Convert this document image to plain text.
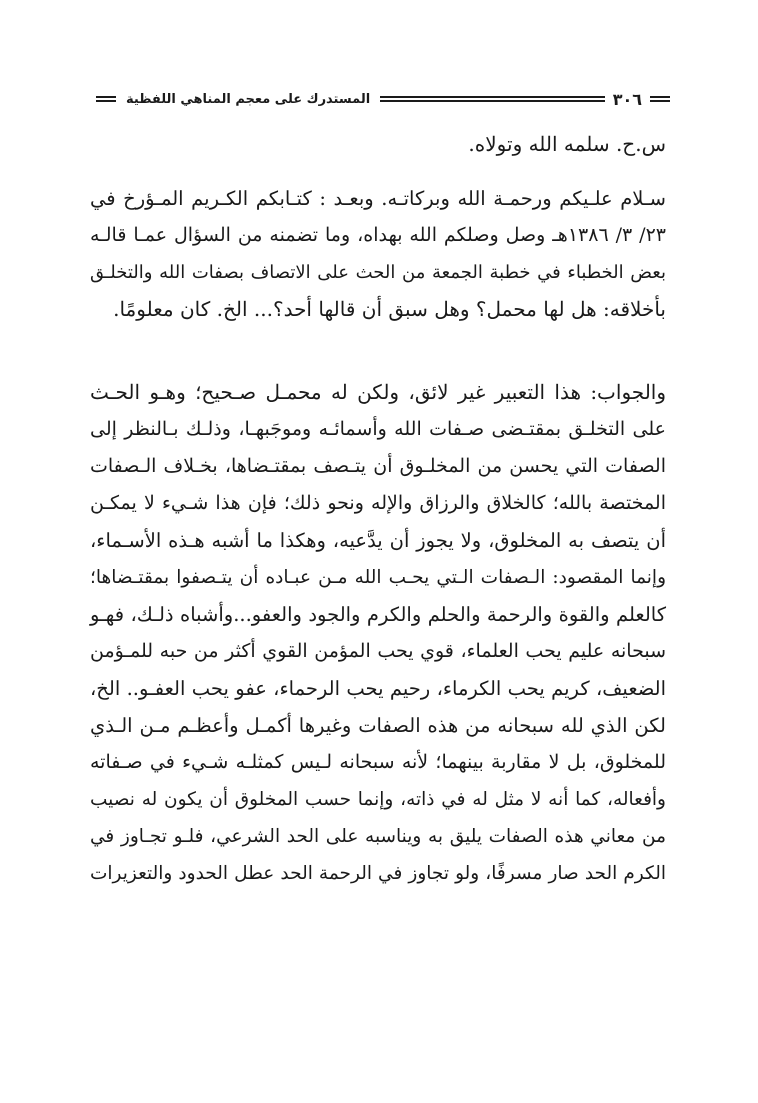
٣٠٦
المستدرك على معجم المناهي اللفظية

س.ح. سلمه الله وتولاه.

سـلام علـيكم ورحمـة الله وبركاتـه. وبعـد : كتـابكم الكـريم المـؤرخ في
٢٣/ ٣/ ١٣٨٦هـ وصل وصلكم الله بهداه، وما تضمنه من السؤال عمـا قالـه
بعض الخطباء في خطبة الجمعة من الحث على الاتصاف بصفات الله والتخلـق
بأخلاقه: هل لها محمل؟ وهل سبق أن قالها أحد؟... الخ. كان معلومًا.

والجواب: هذا التعبير غير لائق، ولكن له محمـل صـحيح؛ وهـو الحـث
على التخلـق بمقتـضى صـفات الله وأسمائـه وموجَبهـا، وذلـك بـالنظر إلى
الصفات التي يحسن من المخلـوق أن يتـصف بمقتـضاها، بخـلاف الـصفات
المختصة بالله؛ كالخلاق والرزاق والإله ونحو ذلك؛ فإن هذا شـيء لا يمكـن
أن يتصف به المخلوق، ولا يجوز أن يدَّعيه، وهكذا ما أشبه هـذه الأسـماء،
وإنما المقصود: الـصفات الـتي يحـب الله مـن عبـاده أن يتـصفوا بمقتـضاها؛
كالعلم والقوة والرحمة والحلم والكرم والجود والعفو...وأشباه ذلـك، فهـو
سبحانه عليم يحب العلماء، قوي يحب المؤمن القوي أكثر من حبه للمـؤمن
الضعيف، كريم يحب الكرماء، رحيم يحب الرحماء، عفو يحب العفـو.. الخ،
لكن الذي لله سبحانه من هذه الصفات وغيرها أكمـل وأعظـم مـن الـذي
للمخلوق، بل لا مقاربة بينهما؛ لأنه سبحانه لـيس كمثلـه شـيء في صـفاته
وأفعاله، كما أنه لا مثل له في ذاته، وإنما حسب المخلوق أن يكون له نصيب
من معاني هذه الصفات يليق به ويناسبه على الحد الشرعي، فلـو تجـاوز في
الكرم الحد صار مسرفًا، ولو تجاوز في الرحمة الحد عطل الحدود والتعزيرات
